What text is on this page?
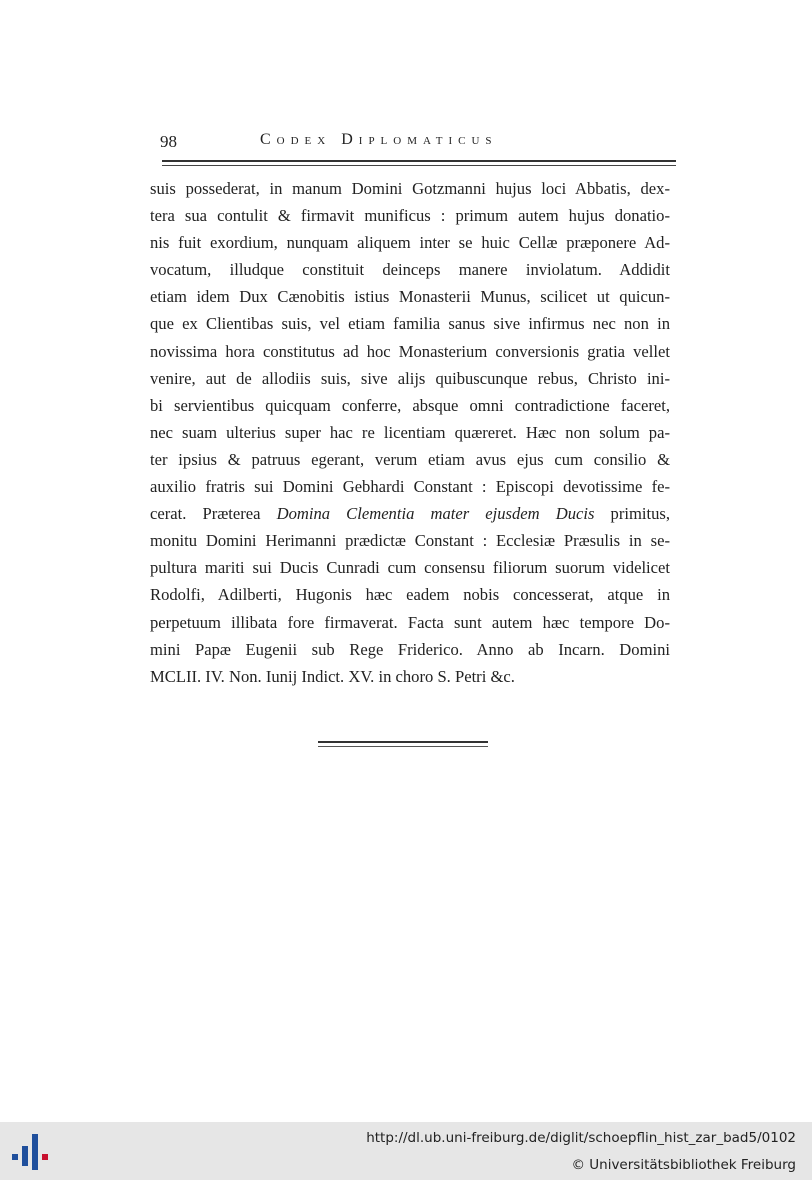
98	Codex Diplomaticus
suis possederat, in manum Domini Gotzmanni hujus loci Abbatis, dex-
tera sua contulit & firmavit munificus : primum autem hujus donatio-
nis fuit exordium, nunquam aliquem inter se huic Cellæ præponere Ad-
vocatum, illudque constituit deinceps manere inviolatum. Addidit
etiam idem Dux Cænobitis istius Monasterii Munus, scilicet ut quicun-
que ex Clientibas suis, vel etiam familia sanus sive infirmus nec non in
novissima hora constitutus ad hoc Monasterium conversionis gratia vellet
venire, aut de allodiis suis, sive alijs quibuscunque rebus, Christo ini-
bi servientibus quicquam conferre, absque omni contradictione faceret,
nec suam ulterius super hac re licentiam quæreret. Hæc non solum pa-
ter ipsius & patruus egerant, verum etiam avus ejus cum consilio &
auxilio fratris sui Domini Gebhardi Constant : Episcopi devotissime fe-
cerat. Præterea Domina Clementia mater ejusdem Ducis primitus,
monitu Domini Herimanni prædictæ Constant : Ecclesiæ Præsulis in se-
pultura mariti sui Ducis Cunradi cum consensu filiorum suorum videlicet
Rodolfi, Adilberti, Hugonis hæc eadem nobis concesserat, atque in
perpetuum illibata fore firmaverat. Facta sunt autem hæc tempore Do-
mini Papæ Eugenii sub Rege Friderico. Anno ab Incarn. Domini
MCLII. IV. Non. Iunij Indict. XV. in choro S. Petri &c.
http://dl.ub.uni-freiburg.de/diglit/schoepflin_hist_zar_bad5/0102
© Universitätsbibliothek Freiburg
